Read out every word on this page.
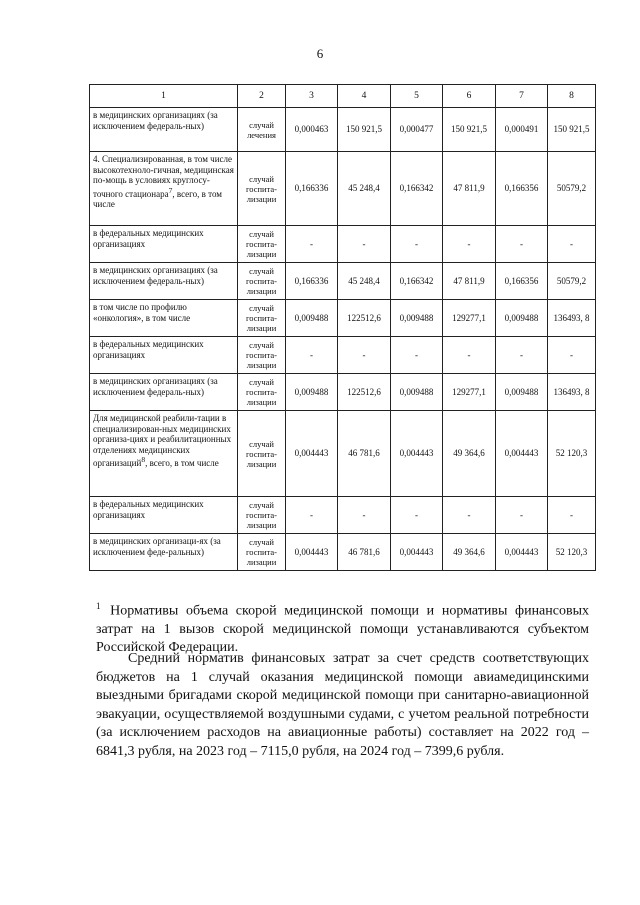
6
1	2	3	4	5	6	7	8
в медицинских организациях (за исключением федераль-ных)	случай лечения	0,000463	150 921,5	0,000477	150 921,5	0,000491	150 921,5
4. Специализированная, в том числе высокотехноло-гичная, медицинская по-мощь в условиях круглосу-точного стационара$^7$, всего, в том числе	случай госпита-лизации	0,166336	45 248,4	0,166342	47 811,9	0,166356	50579,2
в федеральных медицинских организациях	случай госпита-лизации	-	-	-	-	-	-
в медицинских организациях (за исключением федераль-ных)	случай госпита-лизации	0,166336	45 248,4	0,166342	47 811,9	0,166356	50579,2
в том числе по профилю «онкология», в том числе	случай госпита-лизации	0,009488	122512,6	0,009488	129277,1	0,009488	136493, 8
в федеральных медицинских организациях	случай госпита-лизации	-	-	-	-	-	-
в медицинских организациях (за исключением федераль-ных)	случай госпита-лизации	0,009488	122512,6	0,009488	129277,1	0,009488	136493, 8
Для медицинской реабили-тации в специализирован-ных медицинских организа-циях и реабилитационных отделениях медицинских организаций$^8$, всего, в том числе	случай госпита-лизации	0,004443	46 781,6	0,004443	49 364,6	0,004443	52 120,3
в федеральных медицинских организациях	случай госпита-лизации	-	-	-	-	-	-
в медицинских организаци-ях (за исключением феде-ральных)	случай госпита-лизации	0,004443	46 781,6	0,004443	49 364,6	0,004443	52 120,3
$^1$ Нормативы объема скорой медицинской помощи и нормативы финансовых затрат на 1 вызов скорой медицинской помощи устанавливаются субъектом Российской Федерации.
Средний норматив финансовых затрат за счет средств соответствующих бюджетов на 1 случай оказания медицинской помощи авиамедицинскими выездными бригадами скорой медицинской помощи при санитарно-авиационной эвакуации, осуществляемой воздушными судами, с учетом реальной потребности (за исключением расходов на авиационные работы) составляет на 2022 год – 6841,3 рубля, на 2023 год – 7115,0 рубля, на 2024 год – 7399,6 рубля.
